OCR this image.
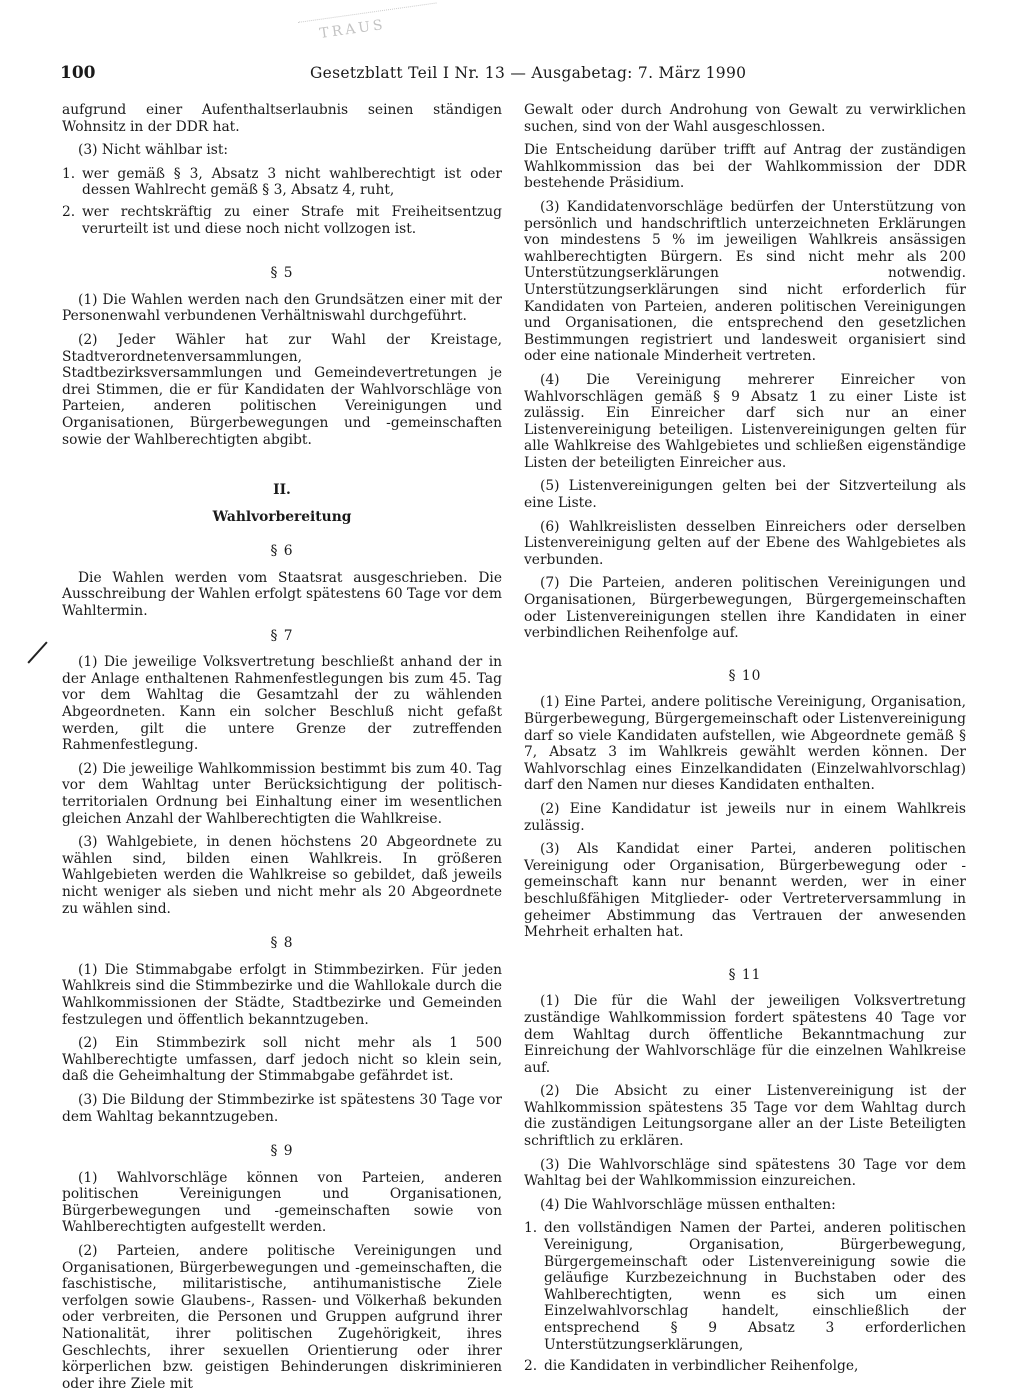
100	Gesetzblatt Teil I Nr. 13 — Ausgabetag: 7. März 1990
TRAUS

aufgrund einer Aufenthaltserlaubnis seinen ständigen Wohnsitz in der DDR hat.

(3) Nicht wählbar ist:

1. wer gemäß § 3, Absatz 3 nicht wahlberechtigt ist oder dessen Wahlrecht gemäß § 3, Absatz 4, ruht,
2. wer rechtskräftig zu einer Strafe mit Freiheitsentzug verurteilt ist und diese noch nicht vollzogen ist.
§ 5

(1) Die Wahlen werden nach den Grundsätzen einer mit der Personenwahl verbundenen Verhältniswahl durchgeführt.

(2) Jeder Wähler hat zur Wahl der Kreistage, Stadtverordnetenversammlungen, Stadtbezirksversammlungen und Gemeindevertretungen je drei Stimmen, die er für Kandidaten der Wahlvorschläge von Parteien, anderen politischen Vereinigungen und Organisationen, Bürgerbewegungen und -gemeinschaften sowie der Wahlberechtigten abgibt.

II.
Wahlvorbereitung
§ 6

Die Wahlen werden vom Staatsrat ausgeschrieben. Die Ausschreibung der Wahlen erfolgt spätestens 60 Tage vor dem Wahltermin.

§ 7

(1) Die jeweilige Volksvertretung beschließt anhand der in der Anlage enthaltenen Rahmenfestlegungen bis zum 45. Tag vor dem Wahltag die Gesamtzahl der zu wählenden Abgeordneten. Kann ein solcher Beschluß nicht gefaßt werden, gilt die untere Grenze der zutreffenden Rahmenfestlegung.

(2) Die jeweilige Wahlkommission bestimmt bis zum 40. Tag vor dem Wahltag unter Berücksichtigung der politisch-territorialen Ordnung bei Einhaltung einer im wesentlichen gleichen Anzahl der Wahlberechtigten die Wahlkreise.

(3) Wahlgebiete, in denen höchstens 20 Abgeordnete zu wählen sind, bilden einen Wahlkreis. In größeren Wahlgebieten werden die Wahlkreise so gebildet, daß jeweils nicht weniger als sieben und nicht mehr als 20 Abgeordnete zu wählen sind.

§ 8

(1) Die Stimmabgabe erfolgt in Stimmbezirken. Für jeden Wahlkreis sind die Stimmbezirke und die Wahllokale durch die Wahlkommissionen der Städte, Stadtbezirke und Gemeinden festzulegen und öffentlich bekanntzugeben.

(2) Ein Stimmbezirk soll nicht mehr als 1 500 Wahlberechtigte umfassen, darf jedoch nicht so klein sein, daß die Geheimhaltung der Stimmabgabe gefährdet ist.

(3) Die Bildung der Stimmbezirke ist spätestens 30 Tage vor dem Wahltag bekanntzugeben.

§ 9

(1) Wahlvorschläge können von Parteien, anderen politischen Vereinigungen und Organisationen, Bürgerbewegungen und -gemeinschaften sowie von Wahlberechtigten aufgestellt werden.

(2) Parteien, andere politische Vereinigungen und Organisationen, Bürgerbewegungen und -gemeinschaften, die faschistische, militaristische, antihumanistische Ziele verfolgen sowie Glaubens-, Rassen- und Völkerhaß bekunden oder verbreiten, die Personen und Gruppen aufgrund ihrer Nationalität, ihrer politischen Zugehörigkeit, ihres Geschlechts, ihrer sexuellen Orientierung oder ihrer körperlichen bzw. geistigen Behinderungen diskriminieren oder ihre Ziele mit

Gewalt oder durch Androhung von Gewalt zu verwirklichen suchen, sind von der Wahl ausgeschlossen.

Die Entscheidung darüber trifft auf Antrag der zuständigen Wahlkommission das bei der Wahlkommission der DDR bestehende Präsidium.

(3) Kandidatenvorschläge bedürfen der Unterstützung von persönlich und handschriftlich unterzeichneten Erklärungen von mindestens 5 % im jeweiligen Wahlkreis ansässigen wahlberechtigten Bürgern. Es sind nicht mehr als 200 Unterstützungserklärungen notwendig. Unterstützungserklärungen sind nicht erforderlich für Kandidaten von Parteien, anderen politischen Vereinigungen und Organisationen, die entsprechend den gesetzlichen Bestimmungen registriert und landesweit organisiert sind oder eine nationale Minderheit vertreten.

(4) Die Vereinigung mehrerer Einreicher von Wahlvorschlägen gemäß § 9 Absatz 1 zu einer Liste ist zulässig. Ein Einreicher darf sich nur an einer Listenvereinigung beteiligen. Listenvereinigungen gelten für alle Wahlkreise des Wahlgebietes und schließen eigenständige Listen der beteiligten Einreicher aus.

(5) Listenvereinigungen gelten bei der Sitzverteilung als eine Liste.

(6) Wahlkreislisten desselben Einreichers oder derselben Listenvereinigung gelten auf der Ebene des Wahlgebietes als verbunden.

(7) Die Parteien, anderen politischen Vereinigungen und Organisationen, Bürgerbewegungen, Bürgergemeinschaften oder Listenvereinigungen stellen ihre Kandidaten in einer verbindlichen Reihenfolge auf.

§ 10

(1) Eine Partei, andere politische Vereinigung, Organisation, Bürgerbewegung, Bürgergemeinschaft oder Listenvereinigung darf so viele Kandidaten aufstellen, wie Abgeordnete gemäß § 7, Absatz 3 im Wahlkreis gewählt werden können. Der Wahlvorschlag eines Einzelkandidaten (Einzelwahlvorschlag) darf den Namen nur dieses Kandidaten enthalten.

(2) Eine Kandidatur ist jeweils nur in einem Wahlkreis zulässig.

(3) Als Kandidat einer Partei, anderen politischen Vereinigung oder Organisation, Bürgerbewegung oder -gemeinschaft kann nur benannt werden, wer in einer beschlußfähigen Mitglieder- oder Vertreterversammlung in geheimer Abstimmung das Vertrauen der anwesenden Mehrheit erhalten hat.

§ 11

(1) Die für die Wahl der jeweiligen Volksvertretung zuständige Wahlkommission fordert spätestens 40 Tage vor dem Wahltag durch öffentliche Bekanntmachung zur Einreichung der Wahlvorschläge für die einzelnen Wahlkreise auf.

(2) Die Absicht zu einer Listenvereinigung ist der Wahlkommission spätestens 35 Tage vor dem Wahltag durch die zuständigen Leitungsorgane aller an der Liste Beteiligten schriftlich zu erklären.

(3) Die Wahlvorschläge sind spätestens 30 Tage vor dem Wahltag bei der Wahlkommission einzureichen.

(4) Die Wahlvorschläge müssen enthalten:

1. den vollständigen Namen der Partei, anderen politischen Vereinigung, Organisation, Bürgerbewegung, Bürgergemeinschaft oder Listenvereinigung sowie die geläufige Kurzbezeichnung in Buchstaben oder des Wahlberechtigten, wenn es sich um einen Einzelwahlvorschlag handelt, einschließlich der entsprechend § 9 Absatz 3 erforderlichen Unterstützungserklärungen,
2. die Kandidaten in verbindlicher Reihenfolge,
